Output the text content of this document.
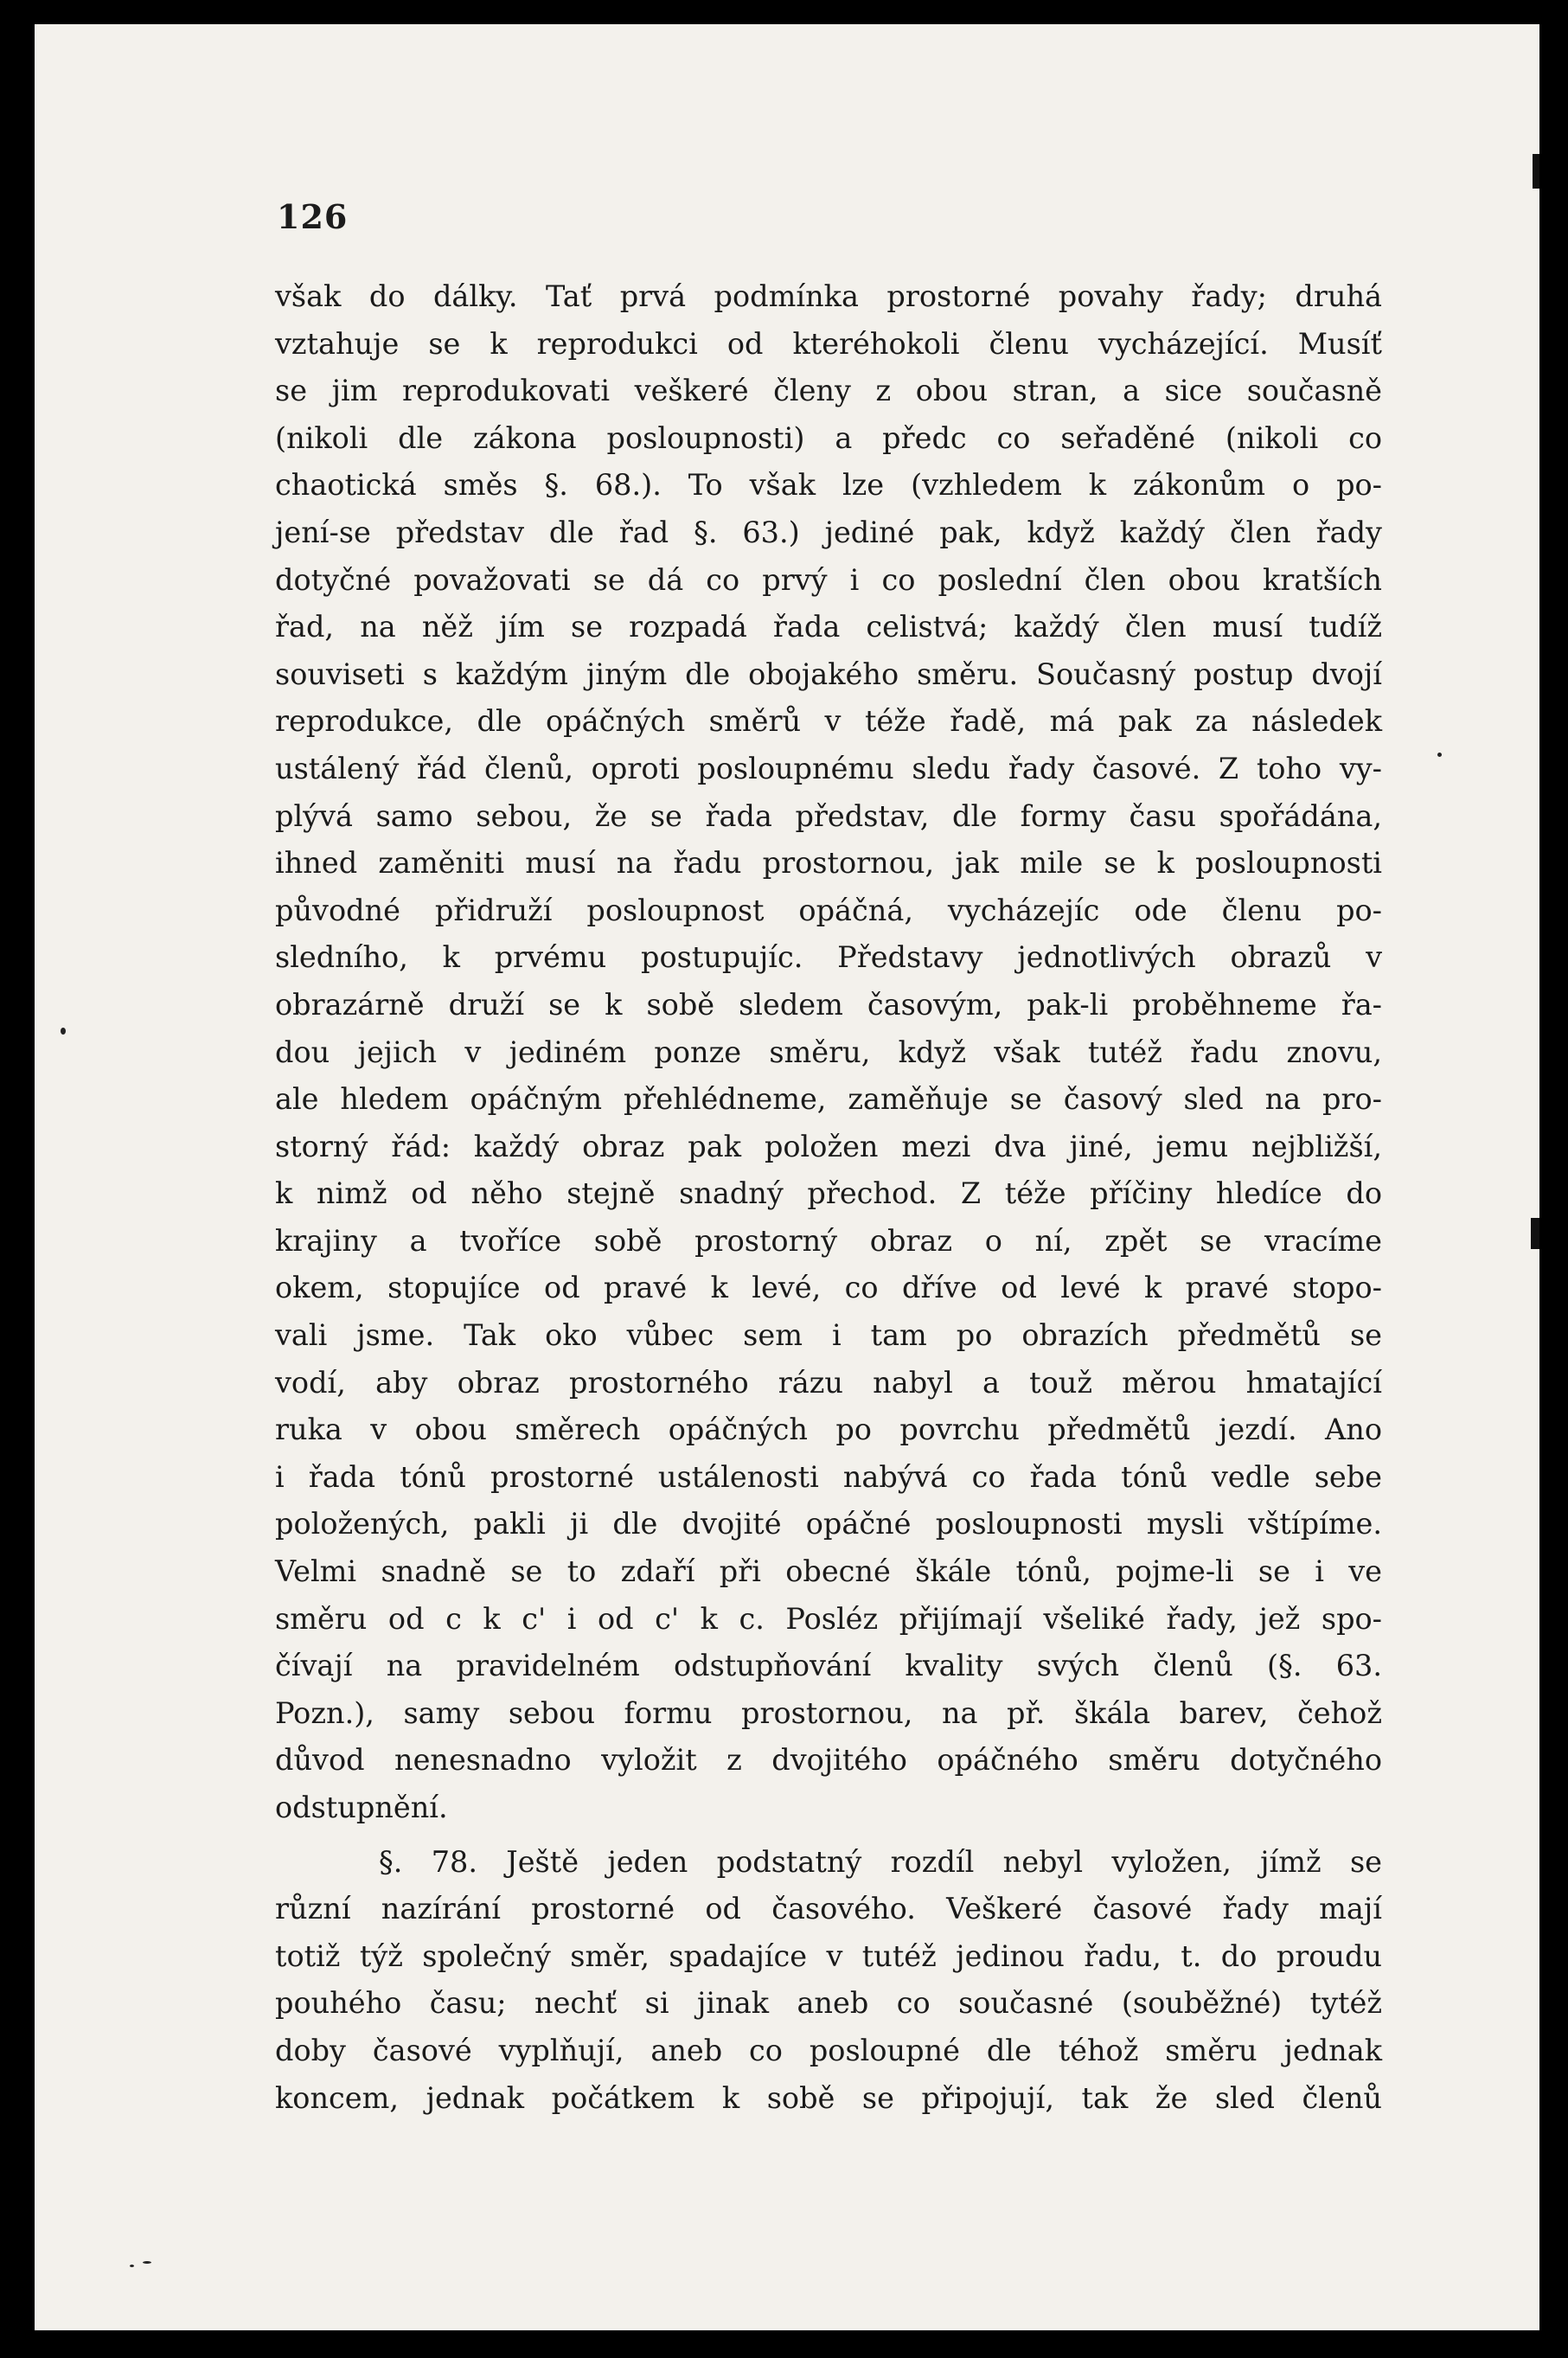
126
však do dálky. Tať prvá podmínka prostorné povahy řady; druhá
vztahuje se k reprodukci od kteréhokoli členu vycházející. Musíť
se jim reprodukovati veškeré členy z obou stran, a sice současně
(nikoli dle zákona posloupnosti) a předc co seřaděné (nikoli co
chaotická směs §. 68.). To však lze (vzhledem k zákonům o po-
jení-se představ dle řad §. 63.) jediné pak, když každý člen řady
dotyčné považovati se dá co prvý i co poslední člen obou kratších
řad, na něž jím se rozpadá řada celistvá; každý člen musí tudíž
souviseti s každým jiným dle obojakého směru. Současný postup dvojí
reprodukce, dle opáčných směrů v téže řadě, má pak za následek
ustálený řád členů, oproti posloupnému sledu řady časové. Z toho vy-
plývá samo sebou, že se řada představ, dle formy času spořádána,
ihned zaměniti musí na řadu prostornou, jak mile se k posloupnosti
původné přidruží posloupnost opáčná, vycházejíc ode členu po-
sledního, k prvému postupujíc. Představy jednotlivých obrazů v
obrazárně druží se k sobě sledem časovým, pak-li proběhneme řa-
dou jejich v jediném ponze směru, když však tutéž řadu znovu,
ale hledem opáčným přehlédneme, zaměňuje se časový sled na pro-
storný řád: každý obraz pak položen mezi dva jiné, jemu nejbližší,
k nimž od něho stejně snadný přechod. Z téže příčiny hledíce do
krajiny a tvoříce sobě prostorný obraz o ní, zpět se vracíme
okem, stopujíce od pravé k levé, co dříve od levé k pravé stopo-
vali jsme. Tak oko vůbec sem i tam po obrazích předmětů se
vodí, aby obraz prostorného rázu nabyl a touž měrou hmatající
ruka v obou směrech opáčných po povrchu předmětů jezdí. Ano
i řada tónů prostorné ustálenosti nabývá co řada tónů vedle sebe
položených, pakli ji dle dvojité opáčné posloupnosti mysli vštípíme.
Velmi snadně se to zdaří při obecné škále tónů, pojme-li se i ve
směru od c k c' i od c' k c. Posléz přijímají všeliké řady, jež spo-
čívají na pravidelném odstupňování kvality svých členů (§. 63.
Pozn.), samy sebou formu prostornou, na př. škála barev, čehož
důvod nenesnadno vyložit z dvojitého opáčného směru dotyčného
odstupnění.
§. 78. Ještě jeden podstatný rozdíl nebyl vyložen, jímž se
různí nazírání prostorné od časového. Veškeré časové řady mají
totiž týž společný směr, spadajíce v tutéž jedinou řadu, t. do proudu
pouhého času; nechť si jinak aneb co současné (souběžné) tytéž
doby časové vyplňují, aneb co posloupné dle téhož směru jednak
koncem, jednak počátkem k sobě se připojují, tak že sled členů
